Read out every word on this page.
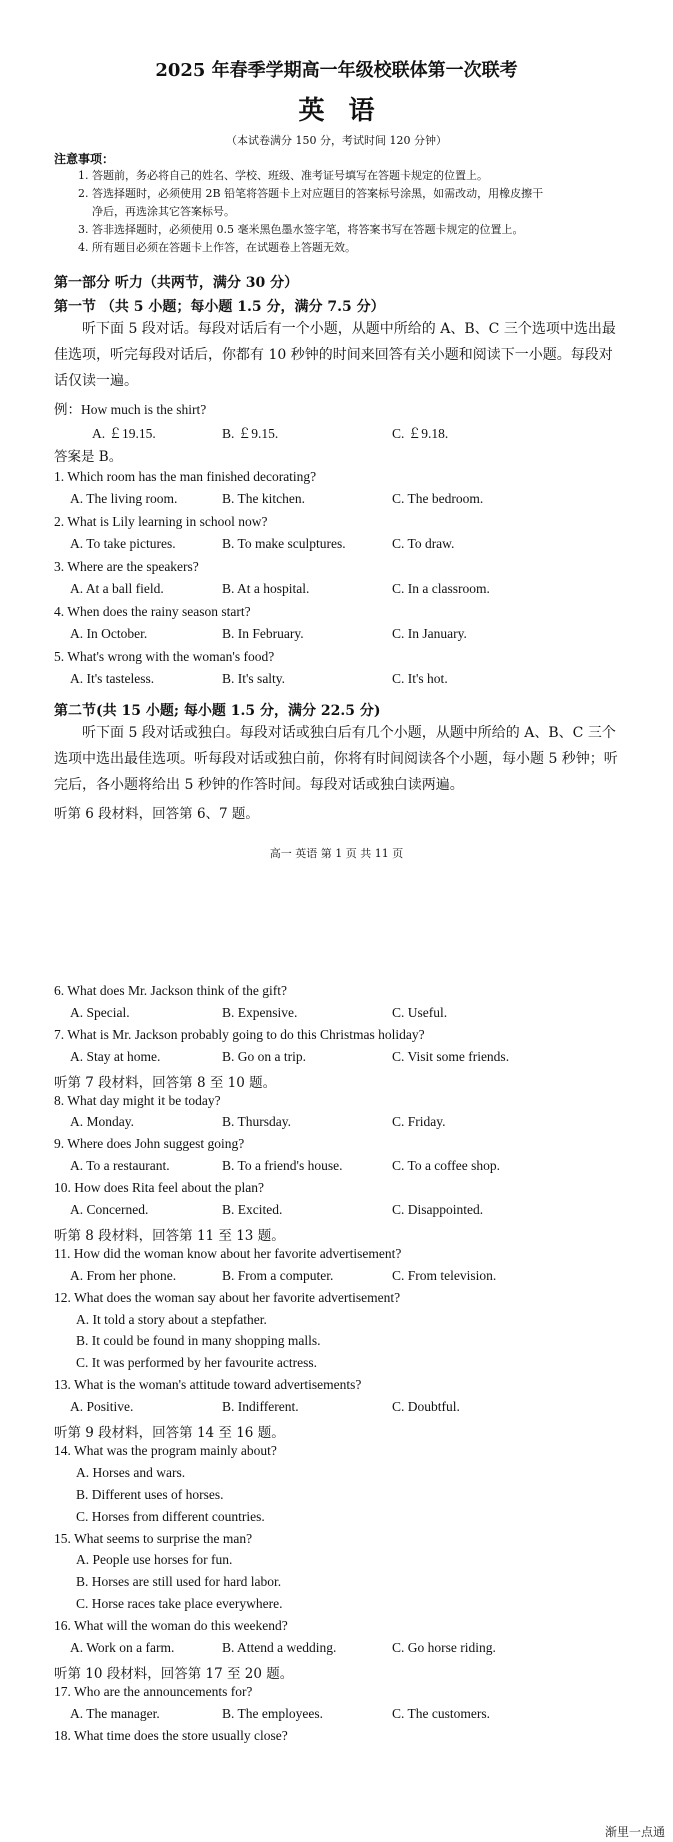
2025 年春季学期高一年级校联体第一次联考
英语
（本试卷满分 150 分，考试时间 120 分钟）
注意事项：
1. 答题前，务必将自己的姓名、学校、班级、准考证号填写在答题卡规定的位置上。
2. 答选择题时，必须使用 2B 铅笔将答题卡上对应题目的答案标号涂黑，如需改动，用橡皮擦干
净后，再选涂其它答案标号。
3. 答非选择题时，必须使用 0.5 毫米黑色墨水签字笔，将答案书写在答题卡规定的位置上。
4. 所有题目必须在答题卡上作答，在试题卷上答题无效。
第一部分 听力（共两节，满分 30 分）
第一节 （共 5 小题；每小题 1.5 分，满分 7.5 分）
听下面 5 段对话。每段对话后有一个小题，从题中所给的 A、B、C 三个选项中选出最佳选项，听完每段对话后，你都有 10 秒钟的时间来回答有关小题和阅读下一小题。每段对话仅读一遍。
例：How much is the shirt?
A. ￡19.15.	B. ￡9.15.	C. ￡9.18.
答案是 B。
1. Which room has the man finished decorating?
A. The living room.	B. The kitchen.	C. The bedroom.
2. What is Lily learning in school now?
A. To take pictures.	B. To make sculptures.	C. To draw.
3. Where are the speakers?
A. At a ball field.	B. At a hospital.	C. In a classroom.
4. When does the rainy season start?
A. In October.	B. In February.	C. In January.
5. What's wrong with the woman's food?
A. It's tasteless.	B. It's salty.	C. It's hot.
第二节(共 15 小题; 每小题 1.5 分，满分 22.5 分)
听下面 5 段对话或独白。每段对话或独白后有几个小题，从题中所给的 A、B、C 三个选项中选出最佳选项。听每段对话或独白前，你将有时间阅读各个小题，每小题 5 秒钟；听完后，各小题将给出 5 秒钟的作答时间。每段对话或独白读两遍。
听第 6 段材料，回答第 6、7 题。
高一 英语 第 1 页 共 11 页
6. What does Mr. Jackson think of the gift?
A. Special.	B. Expensive.	C. Useful.
7. What is Mr. Jackson probably going to do this Christmas holiday?
A. Stay at home.	B. Go on a trip.	C. Visit some friends.
听第 7 段材料，回答第 8 至 10 题。
8. What day might it be today?
A. Monday.	B. Thursday.	C. Friday.
9. Where does John suggest going?
A. To a restaurant.	B. To a friend's house.	C. To a coffee shop.
10. How does Rita feel about the plan?
A. Concerned.	B. Excited.	C. Disappointed.
听第 8 段材料，回答第 11 至 13 题。
11. How did the woman know about her favorite advertisement?
A. From her phone.	B. From a computer.	C. From television.
12. What does the woman say about her favorite advertisement?
A. It told a story about a stepfather.
B. It could be found in many shopping malls.
C. It was performed by her favourite actress.
13. What is the woman's attitude toward advertisements?
A. Positive.	B. Indifferent.	C. Doubtful.
听第 9 段材料，回答第 14 至 16 题。
14. What was the program mainly about?
A. Horses and wars.
B. Different uses of horses.
C. Horses from different countries.
15. What seems to surprise the man?
A. People use horses for fun.
B. Horses are still used for hard labor.
C. Horse races take place everywhere.
16. What will the woman do this weekend?
A. Work on a farm.	B. Attend a wedding.	C. Go horse riding.
听第 10 段材料，回答第 17 至 20 题。
17. Who are the announcements for?
A. The manager.	B. The employees.	C. The customers.
18. What time does the store usually close?
渐里一点通
